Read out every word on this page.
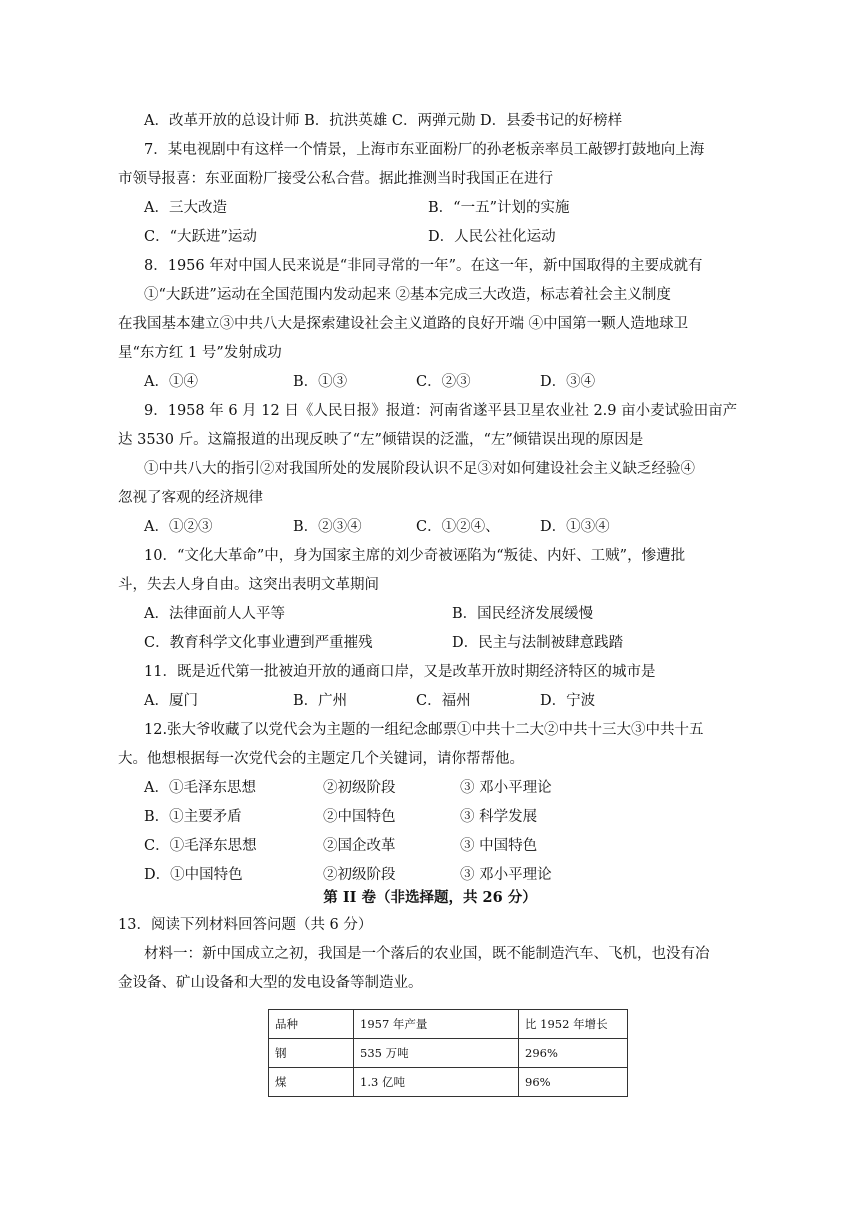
A．改革开放的总设计师 B．抗洪英雄 C．两弹元勋 D．县委书记的好榜样
7．某电视剧中有这样一个情景，上海市东亚面粉厂的孙老板亲率员工敲锣打鼓地向上海
市领导报喜：东亚面粉厂接受公私合营。据此推测当时我国正在进行
A．三大改造	B．“一五”计划的实施
C．“大跃进”运动	D．人民公社化运动
8．1956 年对中国人民来说是“非同寻常的一年”。在这一年，新中国取得的主要成就有
①“大跃进”运动在全国范围内发动起来 ②基本完成三大改造，标志着社会主义制度
在我国基本建立③中共八大是探索建设社会主义道路的良好开端 ④中国第一颗人造地球卫
星“东方红 1 号”发射成功
A．①④	B．①③	C．②③	D．③④
9．1958 年 6 月 12 日《人民日报》报道：河南省遂平县卫星农业社 2.9 亩小麦试验田亩产
达 3530 斤。这篇报道的出现反映了“左”倾错误的泛滥，“左”倾错误出现的原因是
①中共八大的指引②对我国所处的发展阶段认识不足③对如何建设社会主义缺乏经验④
忽视了客观的经济规律
A．①②③	B．②③④	C．①②④、	D．①③④
10．“文化大革命”中，身为国家主席的刘少奇被诬陷为“叛徒、内奸、工贼”，惨遭批
斗，失去人身自由。这突出表明文革期间
A．法律面前人人平等	B．国民经济发展缓慢
C．教育科学文化事业遭到严重摧残	D．民主与法制被肆意践踏
11．既是近代第一批被迫开放的通商口岸，又是改革开放时期经济特区的城市是
A．厦门	B．广州	C．福州	D．宁波
12.张大爷收藏了以党代会为主题的一组纪念邮票①中共十二大②中共十三大③中共十五
大。他想根据每一次党代会的主题定几个关键词，请你帮帮他。
A．①毛泽东思想	②初级阶段	③ 邓小平理论
B．①主要矛盾	②中国特色	③ 科学发展
C．①毛泽东思想	②国企改革	③ 中国特色
D．①中国特色	②初级阶段	③ 邓小平理论
第 II 卷（非选择题，共 26 分）
13．阅读下列材料回答问题（共 6 分）
材料一：新中国成立之初，我国是一个落后的农业国，既不能制造汽车、飞机，也没有冶
金设备、矿山设备和大型的发电设备等制造业。
品种	1957 年产量	比 1952 年增长
钢	535 万吨	296%
煤	1.3 亿吨	96%
